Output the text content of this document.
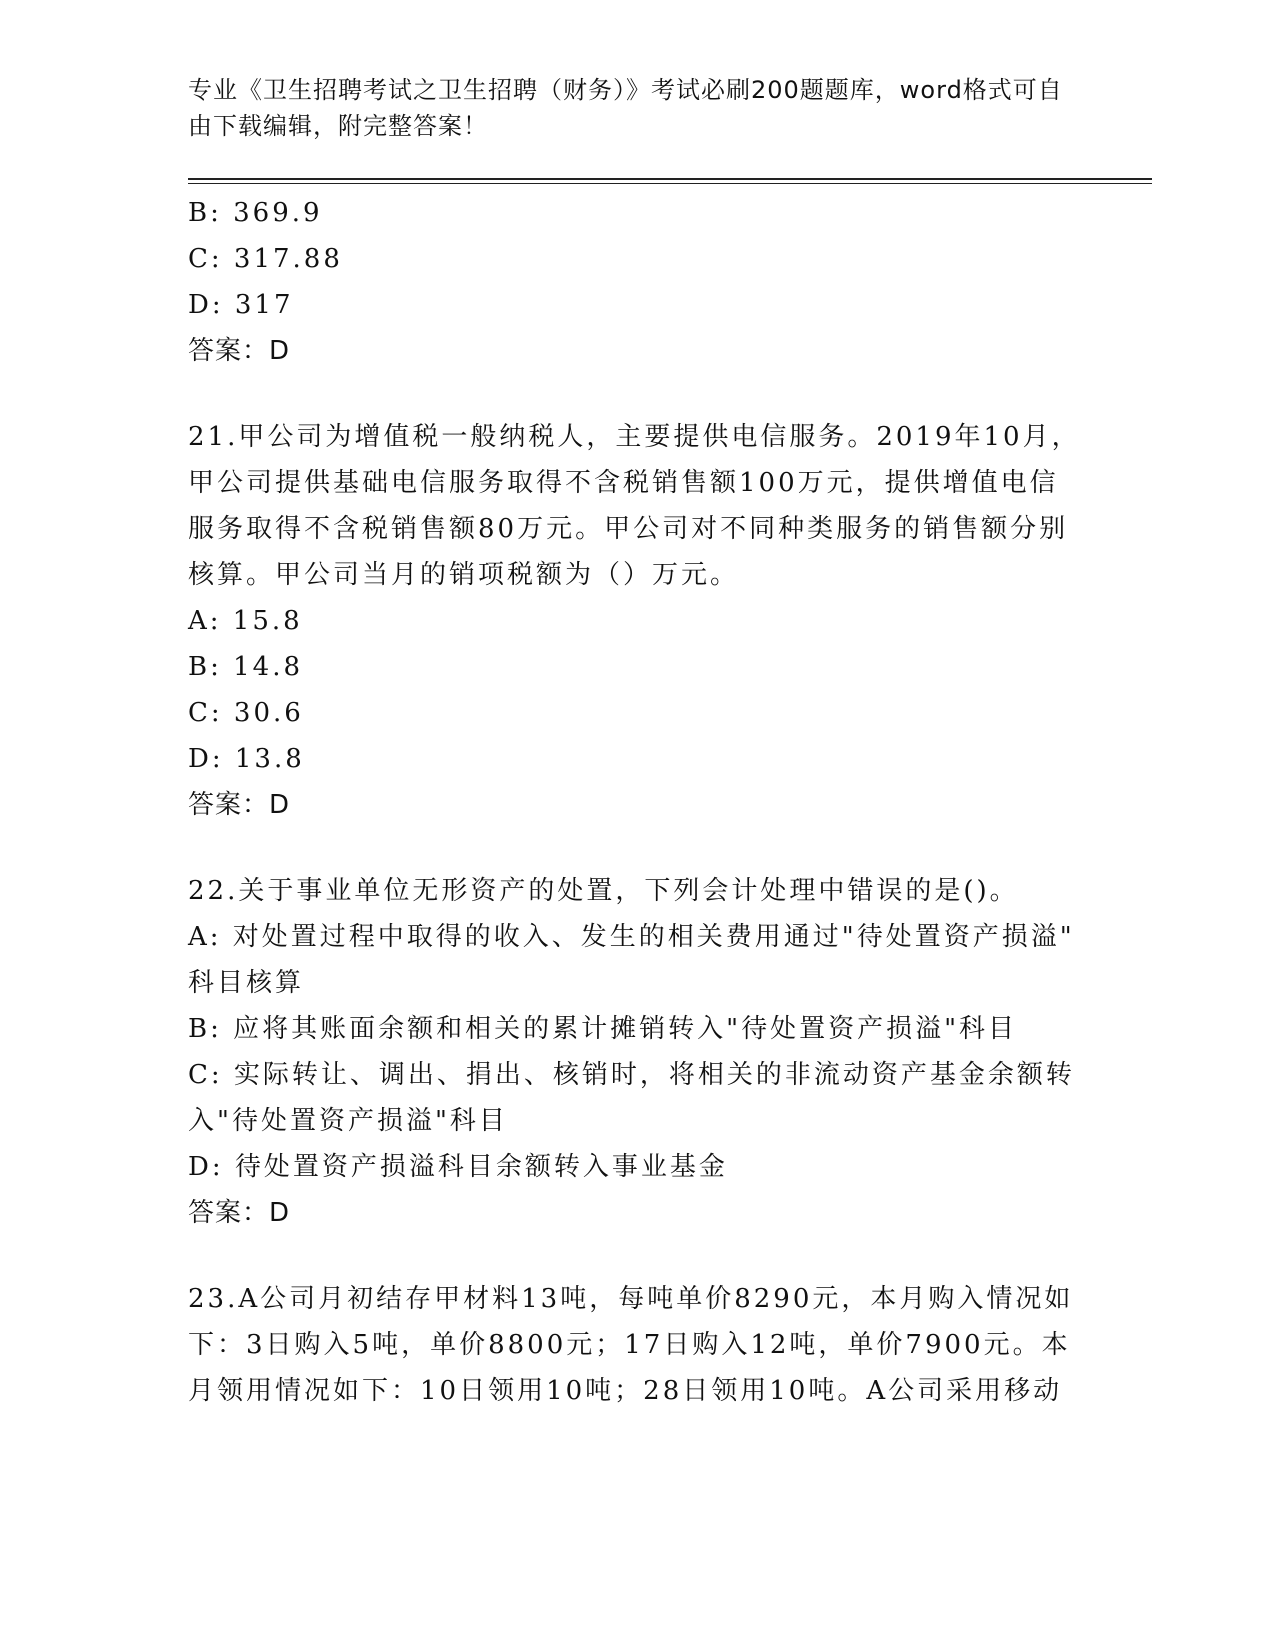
专业《卫生招聘考试之卫生招聘（财务）》考试必刷200题题库，word格式可自
由下载编辑，附完整答案！
B: 369.9
C: 317.88
D: 317
答案：D
21.甲公司为增值税一般纳税人，主要提供电信服务。2019年10月，
甲公司提供基础电信服务取得不含税销售额100万元，提供增值电信
服务取得不含税销售额80万元。甲公司对不同种类服务的销售额分别
核算。甲公司当月的销项税额为（）万元。
A: 15.8
B: 14.8
C: 30.6
D: 13.8
答案：D
22.关于事业单位无形资产的处置，下列会计处理中错误的是()。
A: 对处置过程中取得的收入、发生的相关费用通过"待处置资产损溢"
科目核算
B: 应将其账面余额和相关的累计摊销转入"待处置资产损溢"科目
C: 实际转让、调出、捐出、核销时，将相关的非流动资产基金余额转
入"待处置资产损溢"科目
D: 待处置资产损溢科目余额转入事业基金
答案：D
23.A公司月初结存甲材料13吨，每吨单价8290元，本月购入情况如
下：3日购入5吨，单价8800元；17日购入12吨，单价7900元。本
月领用情况如下：10日领用10吨；28日领用10吨。A公司采用移动
